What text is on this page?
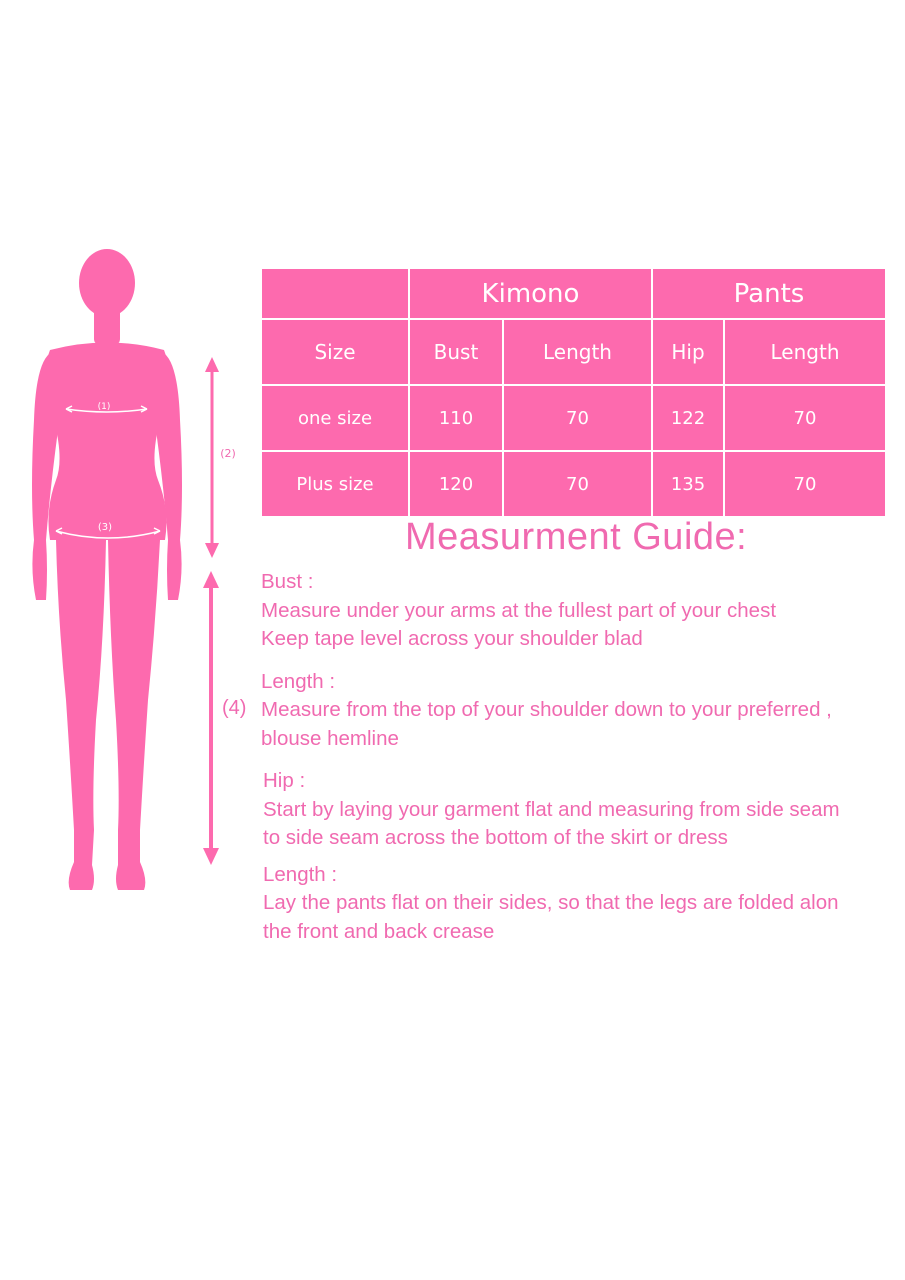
(1)
(3)
(2)
(4)
	Kimono		Pants	
Size	Bust	Length	Hip	Length
one size	110	70	122	70
Plus size	120	70	135	70
Measurment Guide:
Bust :
Measure under your arms at the fullest part of your chest
Keep tape level across your shoulder blad
Length :
Measure from the top of your shoulder down to your preferred ,
blouse hemline
Hip :
Start by laying your garment flat and measuring from side seam
to side seam across the bottom of the skirt or dress
Length :
Lay the pants flat on their sides, so that the legs are folded alon
the front and back crease
